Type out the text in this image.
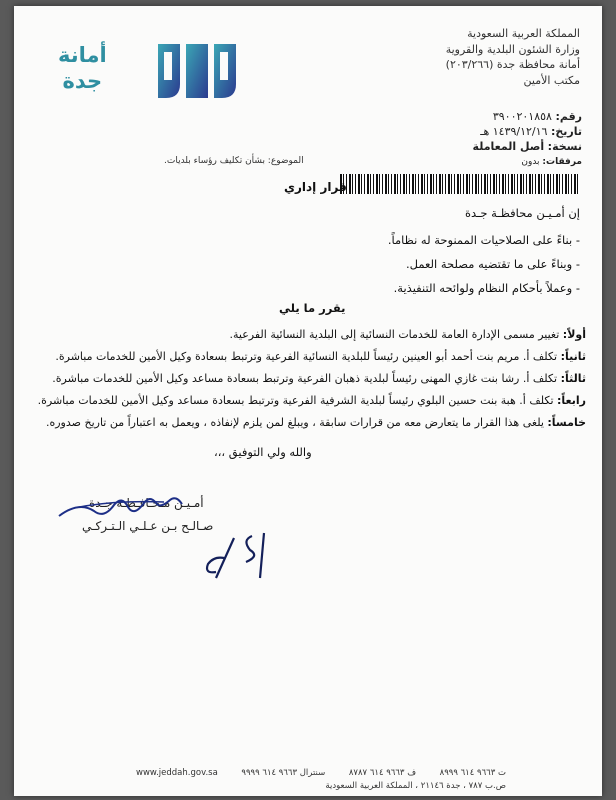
المملكة العربية السعودية
وزارة الشئون البلدية والقروية
أمانة محافظة جدة (٢٠٣/٢٦٦)
مكتب الأمين
أمانة
جدة
رقم: ٣٩٠٠٢٠١٨٥٨
تاريخ: ١٤٣٩/١٢/١٦ هـ
نسخة: أصل المعاملة
مرفقات: بدون
الموضوع: بشأن تكليف رؤساء بلديات.
قرار إداري
إن أمـيـن محافظـة جـدة
- بناءً على الصلاحيات الممنوحة له نظاماً.
- وبناءً على ما تقتضيه مصلحة العمل.
- وعملاً بأحكام النظام ولوائحه التنفيذية.
يقرر ما يلي
أولاً: تغيير مسمى الإدارة العامة للخدمات النسائية إلى البلدية النسائية الفرعية.
ثانياً: تكلف أ. مريم بنت أحمد أبو العينين رئيساً للبلدية النسائية الفرعية وترتبط بسعادة وكيل الأمين للخدمات مباشرة.
ثالثاً: تكلف أ. رشا بنت غازي المهنى رئيساً لبلدية ذهبان الفرعية وترتبط بسعادة مساعد وكيل الأمين للخدمات مباشرة.
رابعاً: تكلف أ. هبة بنت حسين البلوي رئيساً لبلدية الشرفية الفرعية وترتبط بسعادة مساعد وكيل الأمين للخدمات مباشرة.
خامساً: يلغى هذا القرار ما يتعارض معه من قرارات سابقة ، ويبلغ لمن يلزم لإنفاذه ، ويعمل به اعتباراً من تاريخ صدوره.
والله ولي التوفيق ،،،
أمـيـن مـحـافـظـة جـدة
صـالـح بـن عـلـي الـتـركـي
ت ٩٦٦٣ ٦١٤ ٨٩٩٩
ف ٩٦٦٣ ٦١٤ ٨٧٨٧
سنترال ٩٦٦٣ ٦١٤ ٩٩٩٩
www.jeddah.gov.sa
ص.ب ٧٨٧ ، جدة ٢١١٤٦ ، المملكة العربية السعودية
